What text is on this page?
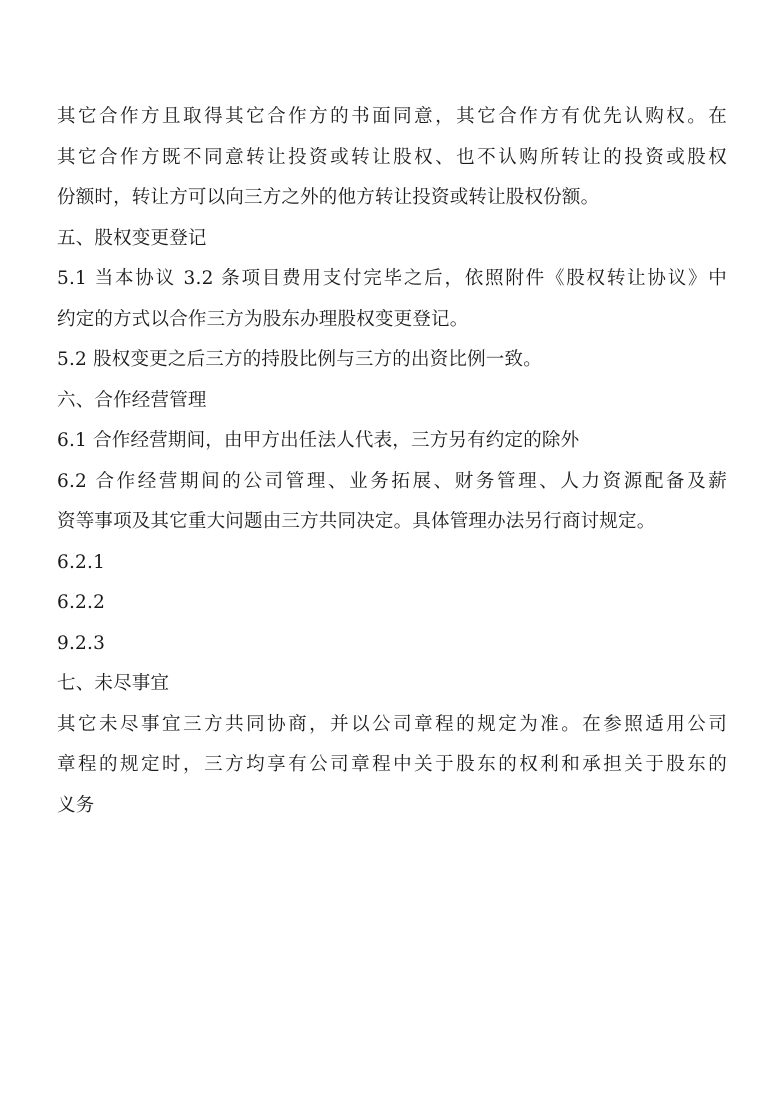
其它合作方且取得其它合作方的书面同意，其它合作方有优先认购权。在
其它合作方既不同意转让投资或转让股权、也不认购所转让的投资或股权
份额时，转让方可以向三方之外的他方转让投资或转让股权份额。
五、股权变更登记
5.1 当本协议 3.2 条项目费用支付完毕之后，依照附件《股权转让协议》中
约定的方式以合作三方为股东办理股权变更登记。
5.2 股权变更之后三方的持股比例与三方的出资比例一致。
六、合作经营管理
6.1 合作经营期间，由甲方出任法人代表，三方另有约定的除外
6.2 合作经营期间的公司管理、业务拓展、财务管理、人力资源配备及薪
资等事项及其它重大问题由三方共同决定。具体管理办法另行商讨规定。
6.2.1
6.2.2
9.2.3
七、未尽事宜
其它未尽事宜三方共同协商，并以公司章程的规定为准。在参照适用公司
章程的规定时，三方均享有公司章程中关于股东的权利和承担关于股东的
义务
